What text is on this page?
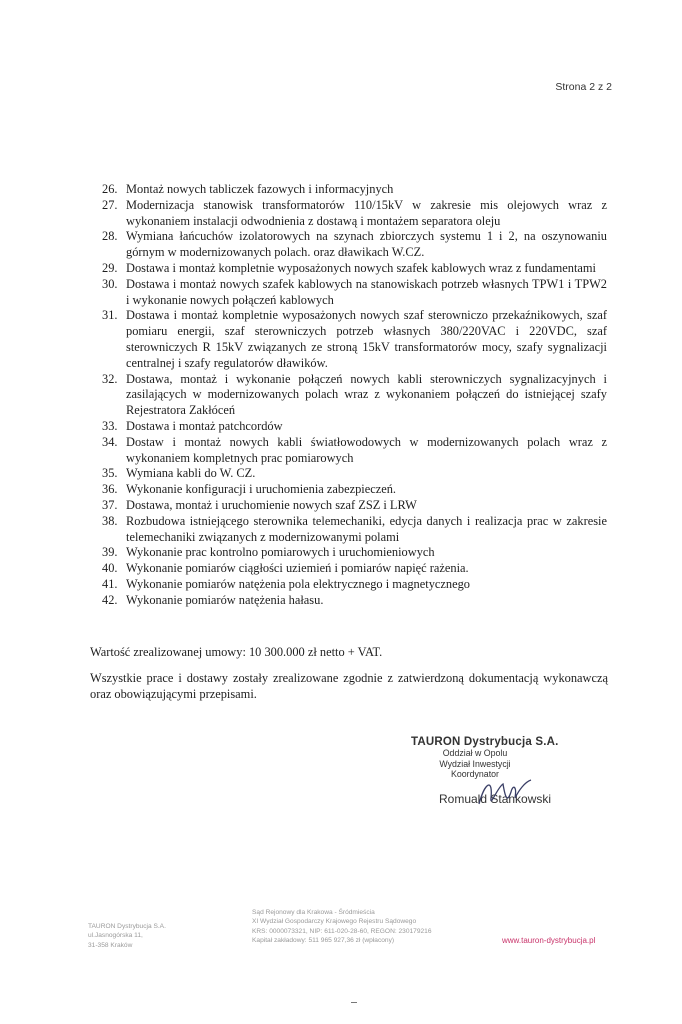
Strona 2 z 2
26. Montaż nowych tabliczek fazowych i informacyjnych
27. Modernizacja stanowisk transformatorów 110/15kV w zakresie mis olejowych wraz z wykonaniem instalacji odwodnienia z dostawą i montażem separatora oleju
28. Wymiana łańcuchów izolatorowych na szynach zbiorczych systemu 1 i 2, na oszynowaniu górnym w modernizowanych polach. oraz dławikach W.CZ.
29. Dostawa i montaż kompletnie wyposażonych nowych szafek kablowych wraz z fundamentami
30. Dostawa i montaż nowych szafek kablowych na stanowiskach potrzeb własnych TPW1 i TPW2 i wykonanie nowych połączeń kablowych
31. Dostawa i montaż kompletnie wyposażonych nowych szaf sterowniczo przekaźnikowych, szaf pomiaru energii, szaf sterowniczych potrzeb własnych 380/220VAC i 220VDC, szaf sterowniczych R 15kV związanych ze stroną 15kV transformatorów mocy, szafy sygnalizacji centralnej i szafy regulatorów dławików.
32. Dostawa, montaż i wykonanie połączeń nowych kabli sterowniczych sygnalizacyjnych i zasilających w modernizowanych polach wraz z wykonaniem połączeń do istniejącej szafy Rejestratora Zakłóceń
33. Dostawa i montaż patchcordów
34. Dostaw i montaż nowych kabli światłowodowych w modernizowanych polach wraz z wykonaniem kompletnych prac pomiarowych
35. Wymiana kabli do W. CZ.
36. Wykonanie konfiguracji i uruchomienia zabezpieczeń.
37. Dostawa, montaż i uruchomienie nowych szaf ZSZ i LRW
38. Rozbudowa istniejącego sterownika telemechaniki, edycja danych i realizacja prac w zakresie telemechaniki związanych z modernizowanymi polami
39. Wykonanie prac kontrolno pomiarowych i uruchomieniowych
40. Wykonanie pomiarów ciągłości uziemień i pomiarów napięć rażenia.
41. Wykonanie pomiarów natężenia pola elektrycznego i magnetycznego
42. Wykonanie pomiarów natężenia hałasu.

Wartość zrealizowanej umowy: 10 300.000 zł netto + VAT.

Wszystkie prace i dostawy zostały zrealizowane zgodnie z zatwierdzoną dokumentacją wykonawczą oraz obowiązującymi przepisami.

TAURON Dystrybucja S.A.
Oddział w Opolu
Wydział Inwestycji
Koordynator
Romuald Stankowski
TAURON Dystrybucja S.A.
ul.Jasnogórska 11,
31-358 Kraków
Sąd Rejonowy dla Krakowa - Śródmieścia
XI Wydział Gospodarczy Krajowego Rejestru Sądowego
KRS: 0000073321, NIP: 611-020-28-60, REGON: 230179216
Kapitał zakładowy: 511 965 927,36 zł (wpłacony)	www.tauron-dystrybucja.pl
